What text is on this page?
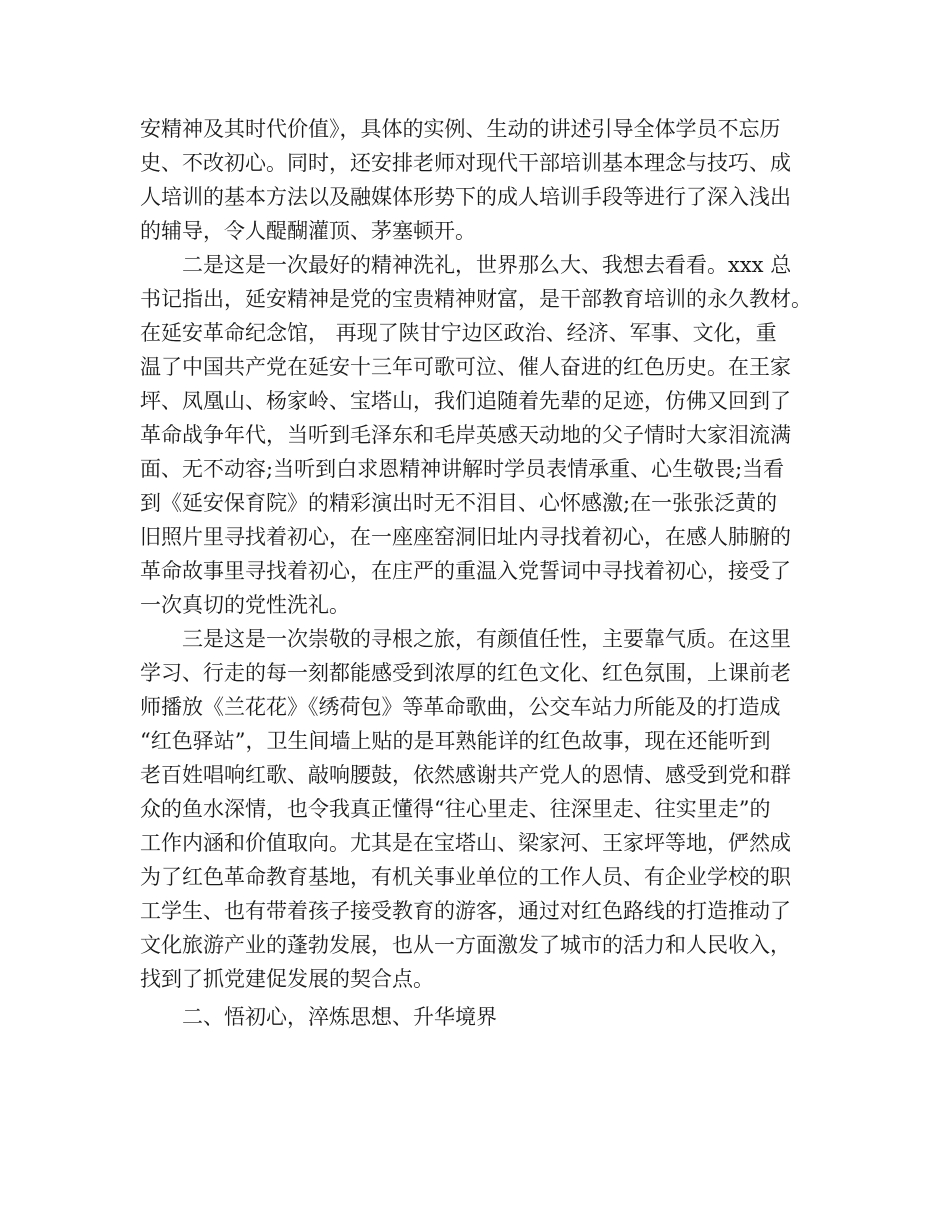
安精神及其时代价值》，具体的实例、生动的讲述引导全体学员不忘历
史、不改初心。同时，还安排老师对现代干部培训基本理念与技巧、成
人培训的基本方法以及融媒体形势下的成人培训手段等进行了深入浅出
的辅导，令人醍醐灌顶、茅塞顿开。
二是这是一次最好的精神洗礼，世界那么大、我想去看看。xxx 总
书记指出，延安精神是党的宝贵精神财富，是干部教育培训的永久教材。
在延安革命纪念馆， 再现了陕甘宁边区政治、经济、军事、文化，重
温了中国共产党在延安十三年可歌可泣、催人奋进的红色历史。在王家
坪、凤凰山、杨家岭、宝塔山，我们追随着先辈的足迹，仿佛又回到了
革命战争年代，当听到毛泽东和毛岸英感天动地的父子情时大家泪流满
面、无不动容;当听到白求恩精神讲解时学员表情承重、心生敬畏;当看
到《延安保育院》的精彩演出时无不泪目、心怀感激;在一张张泛黄的
旧照片里寻找着初心，在一座座窑洞旧址内寻找着初心，在感人肺腑的
革命故事里寻找着初心，在庄严的重温入党誓词中寻找着初心，接受了
一次真切的党性洗礼。
三是这是一次崇敬的寻根之旅，有颜值任性，主要靠气质。在这里
学习、行走的每一刻都能感受到浓厚的红色文化、红色氛围，上课前老
师播放《兰花花》《绣荷包》等革命歌曲，公交车站力所能及的打造成
“红色驿站”，卫生间墙上贴的是耳熟能详的红色故事，现在还能听到
老百姓唱响红歌、敲响腰鼓，依然感谢共产党人的恩情、感受到党和群
众的鱼水深情，也令我真正懂得“往心里走、往深里走、往实里走”的
工作内涵和价值取向。尤其是在宝塔山、梁家河、王家坪等地，俨然成
为了红色革命教育基地，有机关事业单位的工作人员、有企业学校的职
工学生、也有带着孩子接受教育的游客，通过对红色路线的打造推动了
文化旅游产业的蓬勃发展，也从一方面激发了城市的活力和人民收入，
找到了抓党建促发展的契合点。
二、悟初心，淬炼思想、升华境界
